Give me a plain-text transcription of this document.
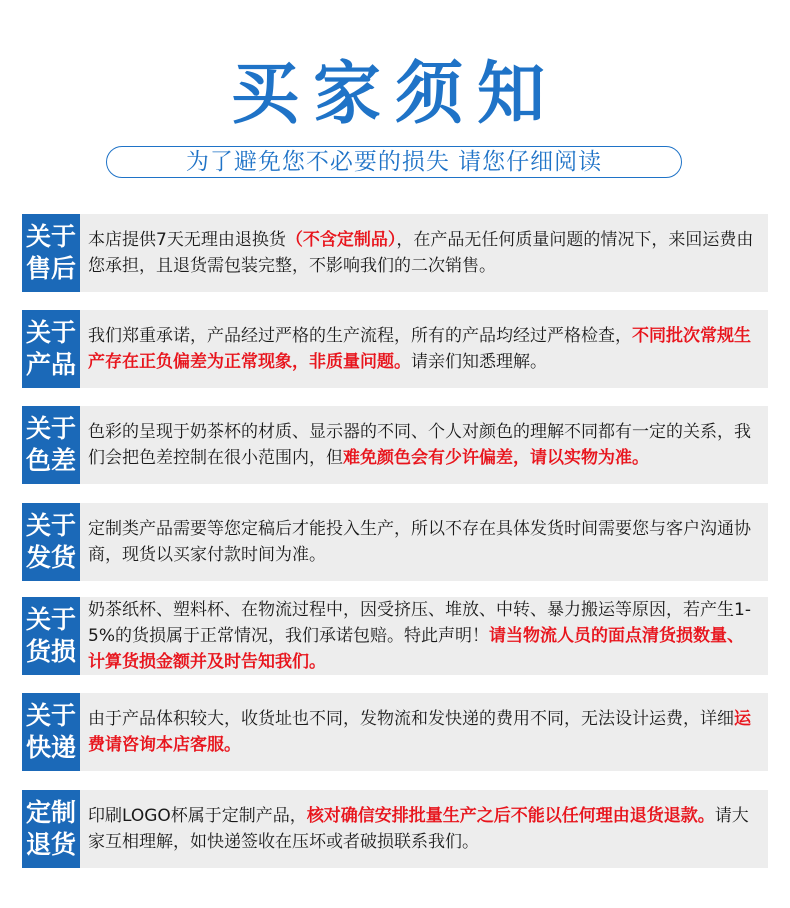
买家须知
为了避免您不必要的损失 请您仔细阅读
关于
售后

本店提供7天无理由退换货（不含定制品），在产品无任何质量问题的情况下，来回运费由您承担，且退货需包装完整，不影响我们的二次销售。

关于
产品

我们郑重承诺，产品经过严格的生产流程，所有的产品均经过严格检查，不同批次常规生产存在正负偏差为正常现象，非质量问题。请亲们知悉理解。

关于
色差

色彩的呈现于奶茶杯的材质、显示器的不同、个人对颜色的理解不同都有一定的关系，我们会把色差控制在很小范围内，但难免颜色会有少许偏差，请以实物为准。

关于
发货

定制类产品需要等您定稿后才能投入生产，所以不存在具体发货时间需要您与客户沟通协商，现货以买家付款时间为准。

关于
货损

奶茶纸杯、塑料杯、在物流过程中，因受挤压、堆放、中转、暴力搬运等原因，若产生1-5%的货损属于正常情况，我们承诺包赔。特此声明！请当物流人员的面点清货损数量、计算货损金额并及时告知我们。

关于
快递

由于产品体积较大，收货址也不同，发物流和发快递的费用不同，无法设计运费，详细运费请咨询本店客服。

定制
退货

印刷LOGO杯属于定制产品，核对确信安排批量生产之后不能以任何理由退货退款。请大家互相理解，如快递签收在压坏或者破损联系我们。
